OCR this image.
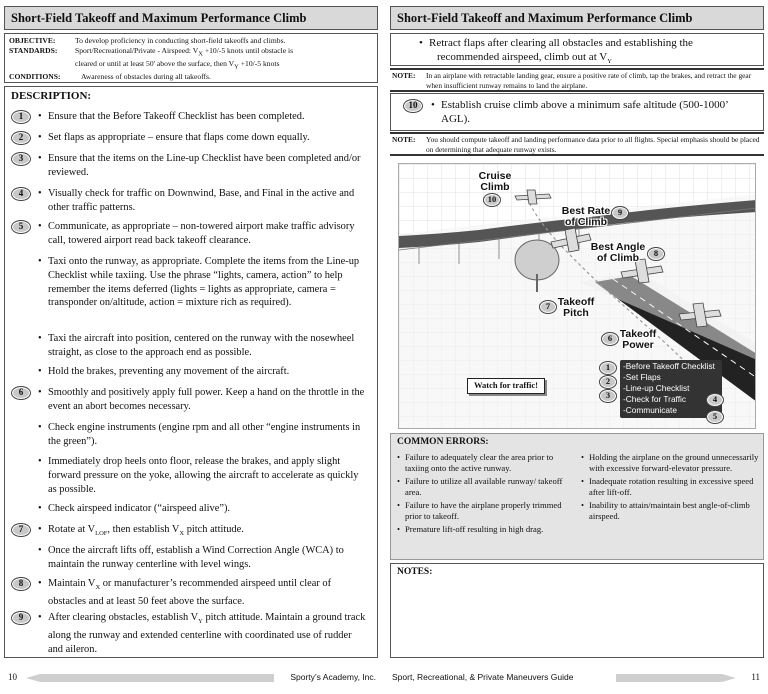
Short-Field Takeoff and Maximum Performance Climb
OBJECTIVE:	To develop proficiency in conducting short-field takeoffs and climbs.
STANDARDS:	Sport/Recreational/Private - Airspeed: $V_X +10/-5$ knots until obstacle is
cleared or until at least 50' above the surface, then $V_Y +10/-5$ knots
CONDITIONS:	Awareness of obstacles during all takeoffs.
DESCRIPTION:
1	• Ensure that the Before Takeoff Checklist has been completed.
2	• Set flaps as appropriate – ensure that flaps come down equally.
3	• Ensure that the items on the Line-up Checklist have been completed and/or reviewed.
4	• Visually check for traffic on Downwind, Base, and Final in the active and other traffic patterns.
5	• Communicate, as appropriate – non-towered airport make traffic advisory call, towered airport read back takeoff clearance.
• Taxi onto the runway, as appropriate. Complete the items from the Line-up Checklist while taxiing. Use the phrase “lights, camera, action” to help remember the items deferred (lights = lights as appropriate, camera = transponder on/altitude, action = mixture rich as required).
• Taxi the aircraft into position, centered on the runway with the nosewheel straight, as close to the approach end as possible.
• Hold the brakes, preventing any movement of the aircraft.
6	• Smoothly and positively apply full power. Keep a hand on the throttle in the event an abort becomes necessary.
• Check engine instruments (engine rpm and all other “engine instruments in the green”).
• Immediately drop heels onto floor, release the brakes, and apply slight forward pressure on the yoke, allowing the aircraft to accelerate as quickly as possible.
• Check airspeed indicator (“airspeed alive”).
7	• Rotate at $V_{LOF}$, then establish $V_X$ pitch attitude.
• Once the aircraft lifts off, establish a Wind Correction Angle (WCA) to maintain the runway centerline with level wings.
8	• Maintain $V_X$ or manufacturer’s recommended airspeed until clear of obstacles and at least 50 feet above the surface.
9	• After clearing obstacles, establish $V_Y$ pitch attitude. Maintain a ground track along the runway and extended centerline with coordinated use of rudder and aileron.
10	Sporty’s Academy, Inc.
Short-Field Takeoff and Maximum Performance Climb
• Retract flaps after clearing all obstacles and establishing the
recommended airspeed, climb out at $V_Y$
NOTE:	In an airplane with retractable landing gear, ensure a positive rate of climb, tap the brakes, and retract the gear when insufficient runway remains to land the airplane.
10	• Establish cruise climb above a minimum safe altitude (500-1000’ AGL).
NOTE:	You should compute takeoff and landing performance data prior to all flights. Special emphasis should be placed on determining that adequate runway exists.
Cruise Climb
10
Best Rate of Climb
9
Best Angle of Climb	8
7 Takeoff Pitch
6 Takeoff Power
-Before Takeoff Checklist
-Set Flaps
-Line-up Checklist
-Check for Traffic
-Communicate
1
2
3	4
5
Watch for traffic!
COMMON ERRORS:
• Failure to adequately clear the area prior to taxiing onto the active runway.
• Failure to utilize all available runway/ takeoff area.
• Failure to have the airplane properly trimmed prior to takeoff.
• Premature lift-off resulting in high drag.
• Holding the airplane on the ground unnecessarily with excessive forward-elevator pressure.
• Inadequate rotation resulting in excessive speed after lift-off.
• Inability to attain/maintain best angle-of-climb airspeed.
NOTES:
Sport, Recreational, & Private Maneuvers Guide	11
